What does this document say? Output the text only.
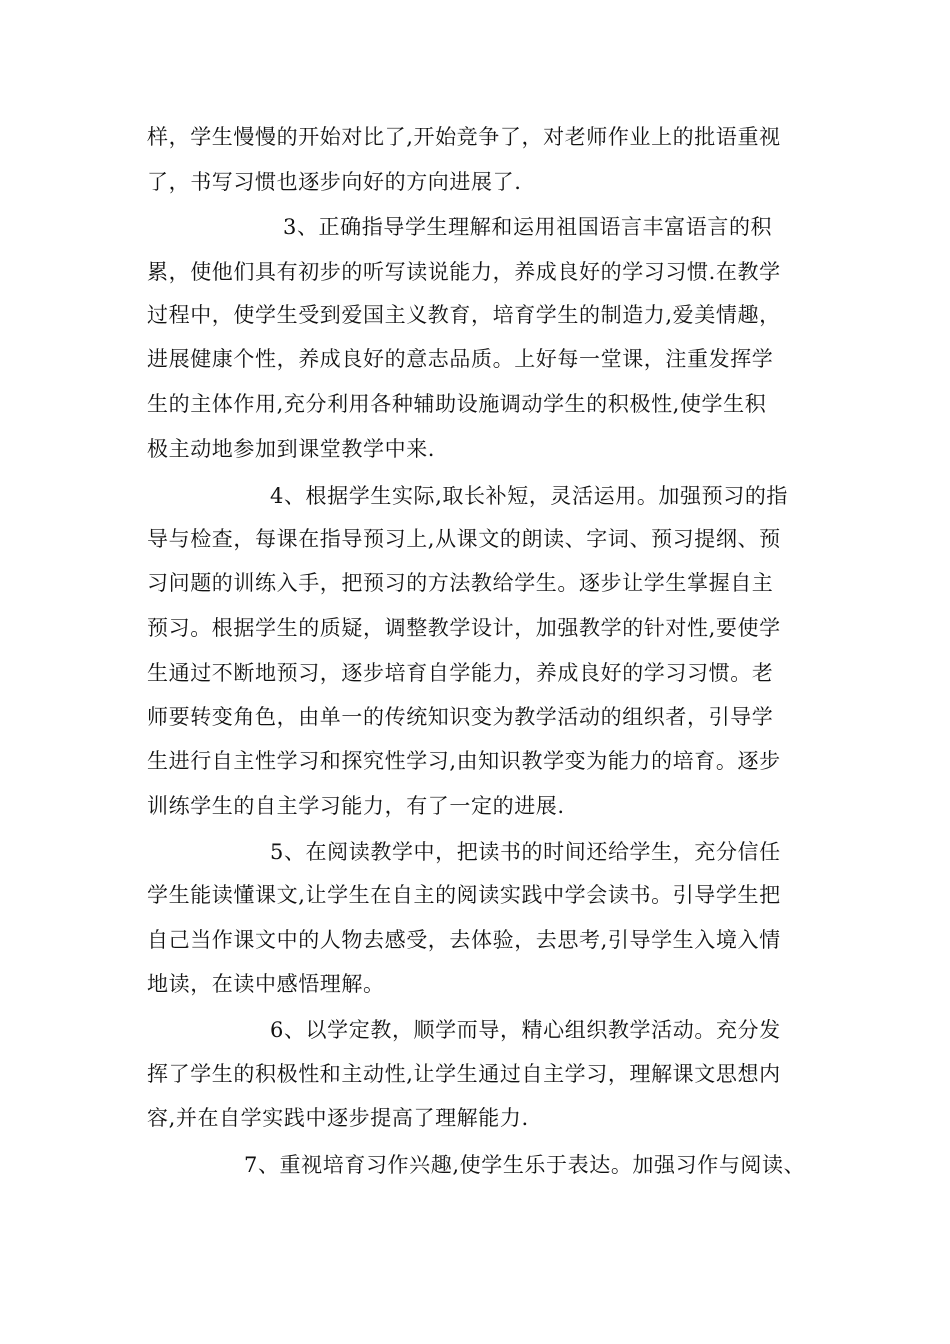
样，学生慢慢的开始对比了,开始竞争了，对老师作业上的批语重视
了，书写习惯也逐步向好的方向进展了.
3、正确指导学生理解和运用祖国语言丰富语言的积
累，使他们具有初步的听写读说能力，养成良好的学习习惯.在教学
过程中，使学生受到爱国主义教育，培育学生的制造力,爱美情趣，
进展健康个性，养成良好的意志品质。上好每一堂课，注重发挥学
生的主体作用,充分利用各种辅助设施调动学生的积极性,使学生积
极主动地参加到课堂教学中来.
4、根据学生实际,取长补短，灵活运用。加强预习的指
导与检查，每课在指导预习上,从课文的朗读、字词、预习提纲、预
习问题的训练入手，把预习的方法教给学生。逐步让学生掌握自主
预习。根据学生的质疑，调整教学设计，加强教学的针对性,要使学
生通过不断地预习，逐步培育自学能力，养成良好的学习习惯。老
师要转变角色，由单一的传统知识变为教学活动的组织者，引导学
生进行自主性学习和探究性学习,由知识教学变为能力的培育。逐步
训练学生的自主学习能力，有了一定的进展.
5、在阅读教学中，把读书的时间还给学生，充分信任
学生能读懂课文,让学生在自主的阅读实践中学会读书。引导学生把
自己当作课文中的人物去感受，去体验，去思考,引导学生入境入情
地读，在读中感悟理解。
6、以学定教，顺学而导，精心组织教学活动。充分发
挥了学生的积极性和主动性,让学生通过自主学习，理解课文思想内
容,并在自学实践中逐步提高了理解能力.
7、重视培育习作兴趣,使学生乐于表达。加强习作与阅读、
